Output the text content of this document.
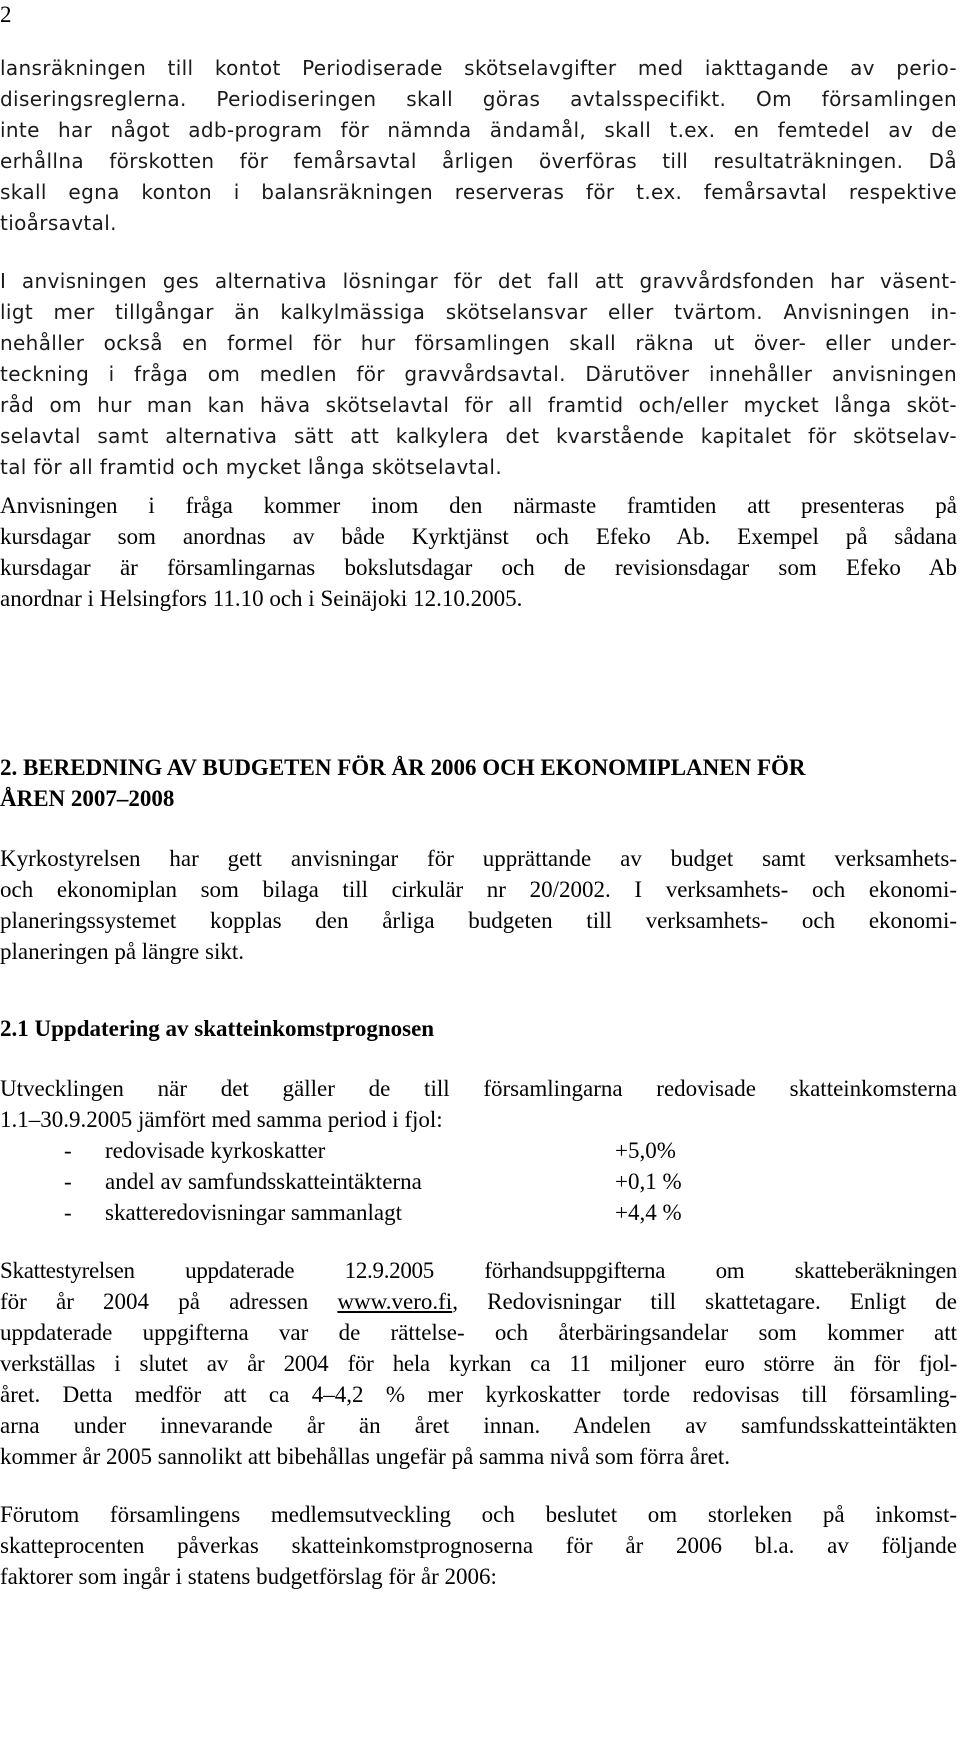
2

lansräkningen till kontot Periodiserade skötselavgifter med iakttagande av perio-

diseringsreglerna. Periodiseringen skall göras avtalsspecifikt. Om församlingen

inte har något adb-program för nämnda ändamål, skall t.ex. en femtedel av de

erhållna förskotten för femårsavtal årligen överföras till resultaträkningen. Då

skall egna konton i balansräkningen reserveras för t.ex. femårsavtal respektive

tioårsavtal.

I anvisningen ges alternativa lösningar för det fall att gravvårdsfonden har väsent-

ligt mer tillgångar än kalkylmässiga skötselansvar eller tvärtom. Anvisningen in-

nehåller också en formel för hur församlingen skall räkna ut över- eller under-

teckning i fråga om medlen för gravvårdsavtal. Därutöver innehåller anvisningen

råd om hur man kan häva skötselavtal för all framtid och/eller mycket långa sköt-

selavtal samt alternativa sätt att kalkylera det kvarstående kapitalet för skötselav-

tal för all framtid och mycket långa skötselavtal.

Anvisningen i fråga kommer inom den närmaste framtiden att presenteras på

kursdagar som anordnas av både Kyrktjänst och Efeko Ab. Exempel på sådana

kursdagar är församlingarnas bokslutsdagar och de revisionsdagar som Efeko Ab

anordnar i Helsingfors 11.10 och i Seinäjoki 12.10.2005.

2. BEREDNING AV BUDGETEN FÖR ÅR 2006 OCH EKONOMIPLANEN FÖR
ÅREN 2007–2008

Kyrkostyrelsen har gett anvisningar för upprättande av budget samt verksamhets-

och ekonomiplan som bilaga till cirkulär nr 20/2002. I verksamhets- och ekonomi-

planeringssystemet kopplas den årliga budgeten till verksamhets- och ekonomi-

planeringen på längre sikt.

2.1 Uppdatering av skatteinkomstprognosen

Utvecklingen när det gäller de till församlingarna redovisade skatteinkomsterna

1.1–30.9.2005 jämfört med samma period i fjol:

- redovisade kyrkoskatter	+5,0%
- andel av samfundsskatteintäkterna	+0,1 %
- skatteredovisningar sammanlagt	+4,4 %

Skattestyrelsen uppdaterade 12.9.2005 förhandsuppgifterna om skatteberäkningen

för år 2004 på adressen www.vero.fi, Redovisningar till skattetagare. Enligt de

uppdaterade uppgifterna var de rättelse- och återbäringsandelar som kommer att

verkställas i slutet av år 2004 för hela kyrkan ca 11 miljoner euro större än för fjol-

året. Detta medför att ca 4–4,2 % mer kyrkoskatter torde redovisas till församling-

arna under innevarande år än året innan. Andelen av samfundsskatteintäkten

kommer år 2005 sannolikt att bibehållas ungefär på samma nivå som förra året.

Förutom församlingens medlemsutveckling och beslutet om storleken på inkomst-

skatteprocenten påverkas skatteinkomstprognoserna för år 2006 bl.a. av följande

faktorer som ingår i statens budgetförslag för år 2006:
